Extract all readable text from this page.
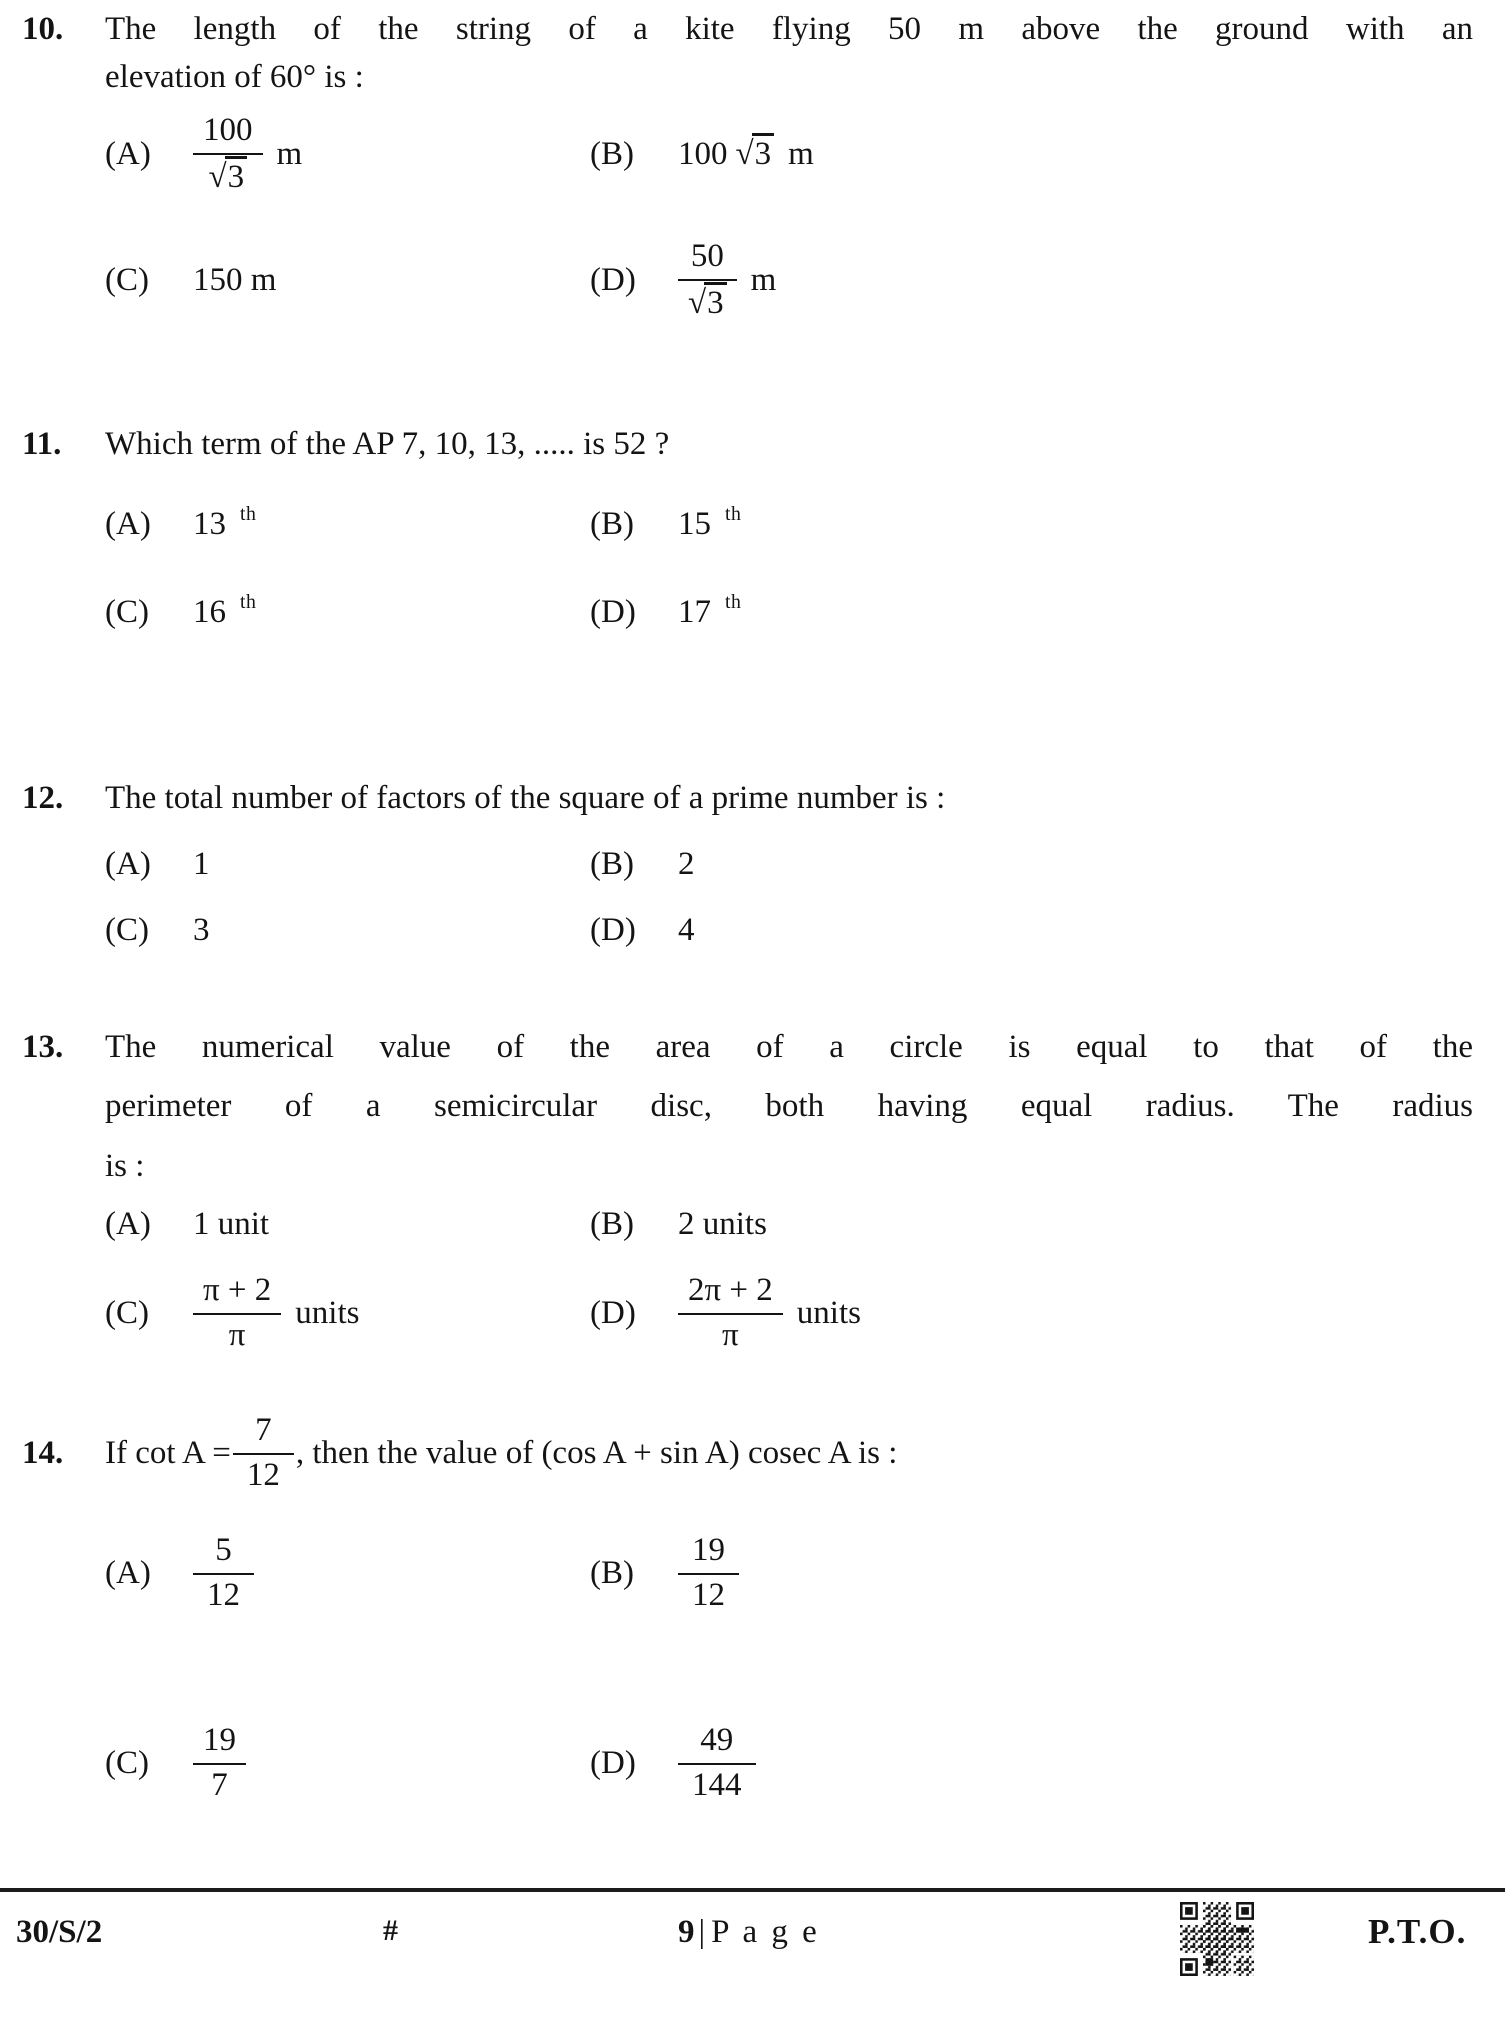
10. The length of the string of a kite flying 50 m above the ground with an
elevation of 60° is :
(A)	$\frac{100}{√3}$ m	(B)	100 √3 m
(C)	150 m	(D)	$\frac{50}{√3}$ m
11. Which term of the AP 7, 10, 13, ..... is 52 ?
(A)	13 th	(B)	15 th
(C)	16 th	(D)	17 th
12. The total number of factors of the square of a prime number is :
(A)	1	(B)	2
(C)	3	(D)	4
13. The numerical value of the area of a circle is equal to that of the
perimeter of a semicircular disc, both having equal radius. The radius
is :
(A)	1 unit	(B)	2 units
(C)	$\frac{\pi + 2}{\pi}$ units	(D)	$\frac{2\pi + 2}{\pi}$ units
14. If $\cot A = \frac{7}{12}$ , then the value of (cos A + sin A) cosec A is :
(A)	$\frac{5}{12}$	(B)	$\frac{19}{12}$
(C)	$\frac{19}{7}$	(D)	$\frac{49}{144}$
30/S/2	#	9 | P a g e	P.T.O.
